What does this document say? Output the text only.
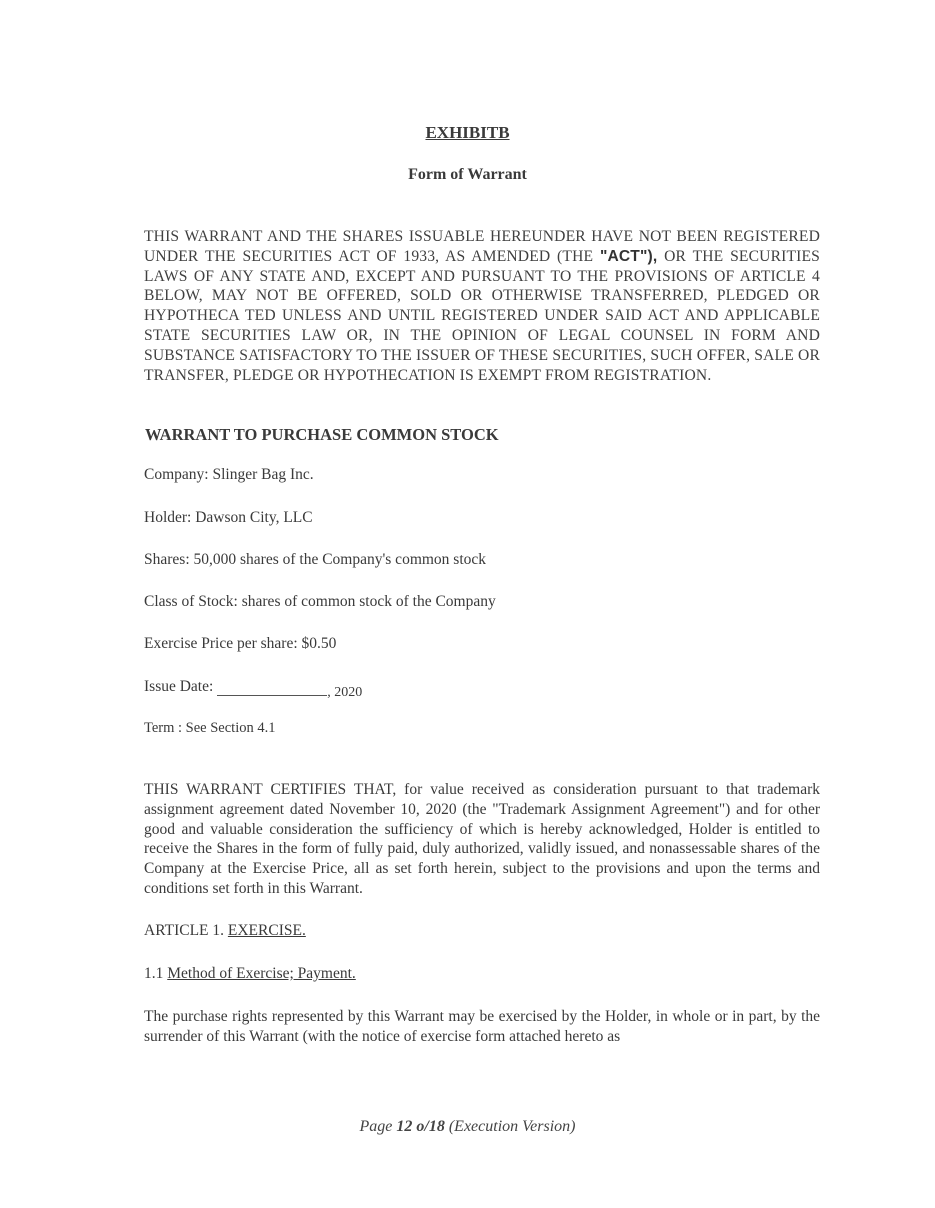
EXHIBITB
Form of Warrant
THIS WARRANT AND THE SHARES ISSUABLE HEREUNDER HAVE NOT BEEN REGISTERED UNDER THE SECURITIES ACT OF 1933, AS AMENDED (THE "ACT"), OR THE SECURITIES LAWS OF ANY STATE AND, EXCEPT AND PURSUANT TO THE PROVISIONS OF ARTICLE 4 BELOW, MAY NOT BE OFFERED, SOLD OR OTHERWISE TRANSFERRED, PLEDGED OR HYPOTHECA TED UNLESS AND UNTIL REGISTERED UNDER SAID ACT AND APPLICABLE STATE SECURITIES LAW OR, IN THE OPINION OF LEGAL COUNSEL IN FORM AND SUBSTANCE SATISFACTORY TO THE ISSUER OF THESE SECURITIES, SUCH OFFER, SALE OR TRANSFER, PLEDGE OR HYPOTHECATION IS EXEMPT FROM REGISTRATION.
WARRANT TO PURCHASE COMMON STOCK
Company: Slinger Bag Inc.
Holder: Dawson City, LLC
Shares: 50,000 shares of the Company's common stock
Class of Stock: shares of common stock of the Company
Exercise Price per share: $0.50
Issue Date:	, 2020
Term : See Section 4.1
THIS WARRANT CERTIFIES THAT, for value received as consideration pursuant to that trademark assignment agreement dated November 10, 2020 (the "Trademark Assignment Agreement") and for other good and valuable consideration the sufficiency of which is hereby acknowledged, Holder is entitled to receive the Shares in the form of fully paid, duly authorized, validly issued, and nonassessable shares of the Company at the Exercise Price, all as set forth herein, subject to the provisions and upon the terms and conditions set forth in this Warrant.
ARTICLE 1. EXERCISE.
1.1 Method of Exercise; Payment.
The purchase rights represented by this Warrant may be exercised by the Holder, in whole or in part, by the surrender of this Warrant (with the notice of exercise form attached hereto as
Page 12 o/18 (Execution Version)
